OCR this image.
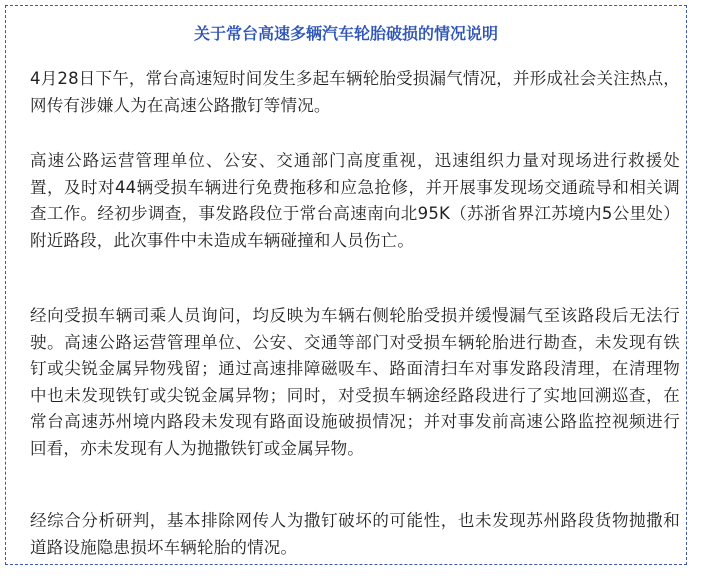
关于常台高速多辆汽车轮胎破损的情况说明

4月28日下午，常台高速短时间发生多起车辆轮胎受损漏气情况，并形成社会关注热点，网传有涉嫌人为在高速公路撒钉等情况。

高速公路运营管理单位、公安、交通部门高度重视，迅速组织力量对现场进行救援处置，及时对44辆受损车辆进行免费拖移和应急抢修，并开展事发现场交通疏导和相关调查工作。经初步调查，事发路段位于常台高速南向北95K（苏浙省界江苏境内5公里处）附近路段，此次事件中未造成车辆碰撞和人员伤亡。

经向受损车辆司乘人员询问，均反映为车辆右侧轮胎受损并缓慢漏气至该路段后无法行驶。高速公路运营管理单位、公安、交通等部门对受损车辆轮胎进行勘查，未发现有铁钉或尖锐金属异物残留；通过高速排障磁吸车、路面清扫车对事发路段清理，在清理物中也未发现铁钉或尖锐金属异物；同时，对受损车辆途经路段进行了实地回溯巡查，在常台高速苏州境内路段未发现有路面设施破损情况；并对事发前高速公路监控视频进行回看，亦未发现有人为抛撒铁钉或金属异物。

经综合分析研判，基本排除网传人为撒钉破坏的可能性，也未发现苏州路段货物抛撒和道路设施隐患损坏车辆轮胎的情况。
